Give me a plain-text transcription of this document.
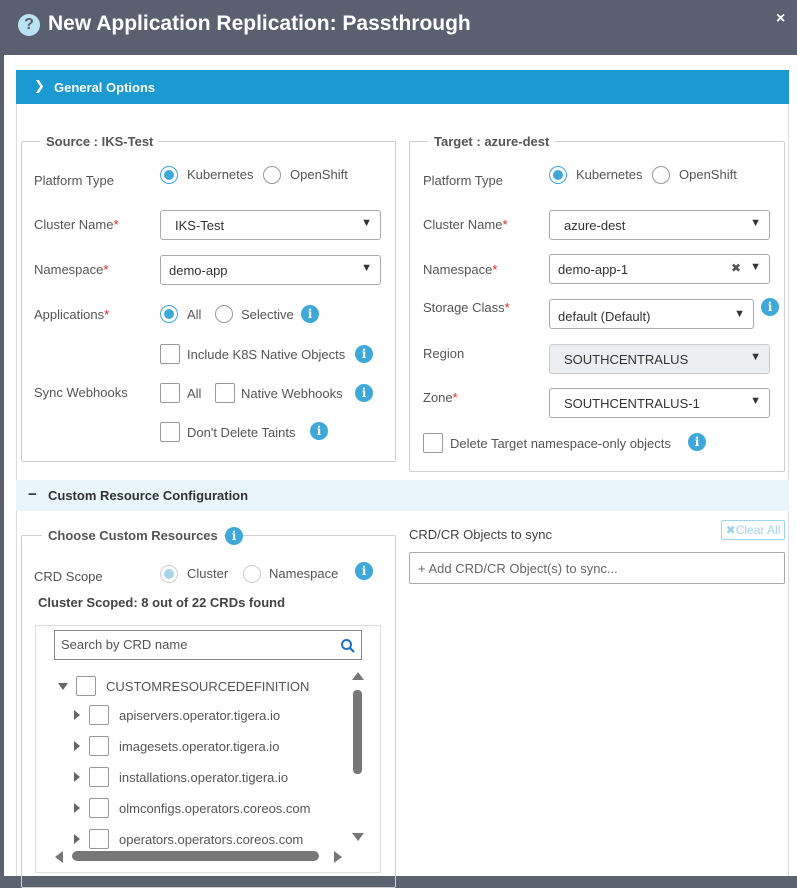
? New Application Replication: Passthrough	×
❯ General Options
Source : IKS-Test
Platform Type	Kubernetes	OpenShift
Cluster Name*	IKS-Test	▼
Namespace*	demo-app	▼
Applications*	All	Selective	i
Include K8S Native Objects	i
Sync Webhooks	All	Native Webhooks	i
Don't Delete Taints	i
Target : azure-dest
Platform Type	Kubernetes	OpenShift
Cluster Name*	azure-dest	▼
Namespace*	demo-app-1	✖ ▼
Storage Class*
default (Default)	▼	i
Region	SOUTHCENTRALUS	▼
Zone*	SOUTHCENTRALUS-1	▼
Delete Target namespace-only objects	i
− Custom Resource Configuration
Choose Custom Resources	i
CRD Scope	Cluster	Namespace	i
Cluster Scoped: 8 out of 22 CRDs found
Search by CRD name
CUSTOMRESOURCEDEFINITION
apiservers.operator.tigera.io
imagesets.operator.tigera.io
installations.operator.tigera.io
olmconfigs.operators.coreos.com
operators.operators.coreos.com
CRD/CR Objects to sync	✖Clear All
+ Add CRD/CR Object(s) to sync...
